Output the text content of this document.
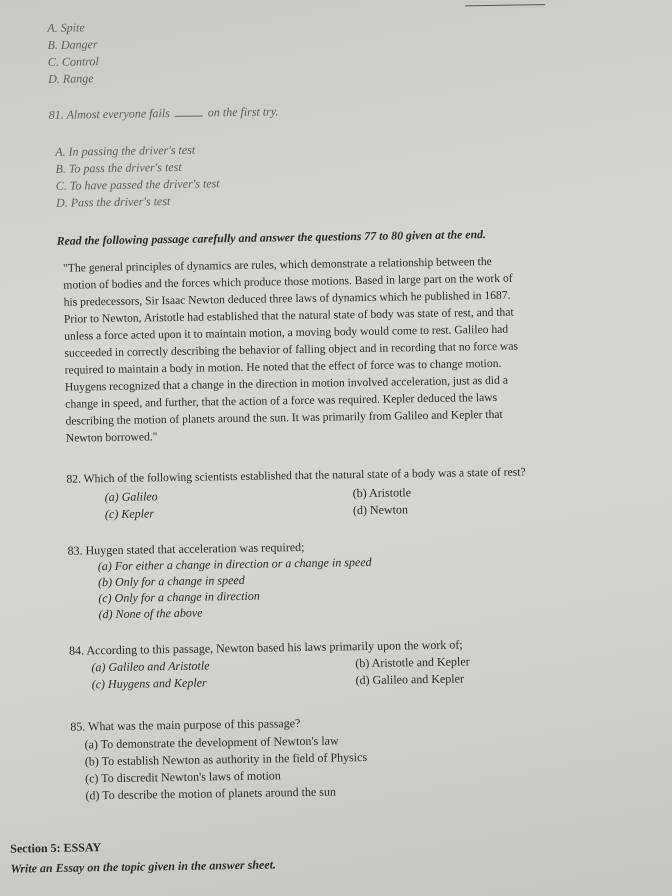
A. Spite
B. Danger
C. Control
D. Range
81. Almost everyone fails	on the first try.
A. In passing the driver's test
B. To pass the driver's test
C. To have passed the driver's test
D. Pass the driver's test
Read the following passage carefully and answer the questions 77 to 80 given at the end.
"The general principles of dynamics are rules, which demonstrate a relationship between the
motion of bodies and the forces which produce those motions. Based in large part on the work of
his predecessors, Sir Isaac Newton deduced three laws of dynamics which he published in 1687.
Prior to Newton, Aristotle had established that the natural state of body was state of rest, and that
unless a force acted upon it to maintain motion, a moving body would come to rest. Galileo had
succeeded in correctly describing the behavior of falling object and in recording that no force was
required to maintain a body in motion. He noted that the effect of force was to change motion.
Huygens recognized that a change in the direction in motion involved acceleration, just as did a
change in speed, and further, that the action of a force was required. Kepler deduced the laws
describing the motion of planets around the sun. It was primarily from Galileo and Kepler that
Newton borrowed."
82. Which of the following scientists established that the natural state of a body was a state of rest?
(a) Galileo	(b) Aristotle
(c) Kepler	(d) Newton
83. Huygen stated that acceleration was required;
(a) For either a change in direction or a change in speed
(b) Only for a change in speed
(c) Only for a change in direction
(d) None of the above
84. According to this passage, Newton based his laws primarily upon the work of;
(a) Galileo and Aristotle	(b) Aristotle and Kepler
(c) Huygens and Kepler	(d) Galileo and Kepler
85. What was the main purpose of this passage?
(a) To demonstrate the development of Newton's law
(b) To establish Newton as authority in the field of Physics
(c) To discredit Newton's laws of motion
(d) To describe the motion of planets around the sun
Section 5: ESSAY
Write an Essay on the topic given in the answer sheet.
